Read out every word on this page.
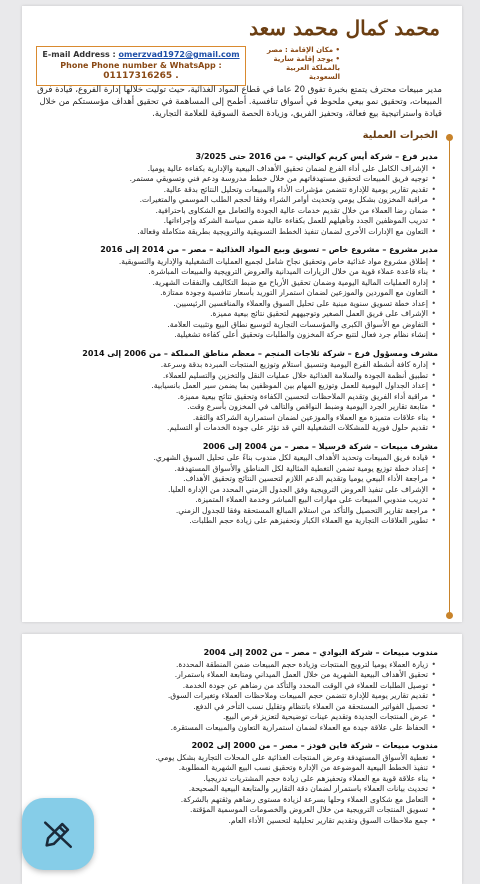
محمد كمال محمد سعد
E-mail Address : omerzvad1972@gmail.com
Phone Phone number & WhatsApp :
01117316265 .
• مكان الإقامة : مصر
• يوجد إقامة سارية
بالمملكة العربية
السعودية
مدير مبيعات محترف يتمتع بخبرة تفوق 20 عاما في قطاع المواد الغذائية، حيث توليت خلالها إدارة الفروع، قيادة فرق المبيعات، وتحقيق نمو بيعي ملحوظ في أسواق تنافسية. أطمح إلى المساهمة في تحقيق أهداف مؤسستكم من خلال قيادة واستراتيجية بيع فعالة، وتحفيز الفريق، وزيادة الحصة السوقية للعلامة التجارية.
الخبرات العملية
مدير فرع – شركة أيس كريم كواليتي – من 2016 حتى 3/2025
• الإشراف الكامل على أداء الفرع لضمان تحقيق الأهداف البيعية والإدارية بكفاءة عالية يوميا.
• توجيه فريق المبيعات لتحقيق مستهدفاتهم من خلال خطط مدروسة ودعم فني وتسويقي مستمر.
• تقديم تقارير يومية للإدارة تتضمن مؤشرات الأداء والمبيعات وتحليل النتائج بدقة عالية.
• مراقبة المخزون بشكل يومي وتحديث أوامر الشراء وفقا لحجم الطلب الموسمي والمتغيرات.
• ضمان رضا العملاء من خلال تقديم خدمات عالية الجودة والتعامل مع الشكاوى باحترافية.
• تدريب الموظفين الجدد وتأهيلهم للعمل بكفاءة عالية ضمن سياسة الشركة وإجراءاتها.
• التعاون مع الإدارات الأخرى لضمان تنفيذ الخطط التسويقية والترويجية بطريقة متكاملة وفعالة.
مدير مشروع – مشروع خاص – تسويق وبيع المواد الغذائية – مصر – من 2014 إلى 2016
• إطلاق مشروع مواد غذائية خاص وتحقيق نجاح شامل لجميع العمليات التشغيلية والإدارية والتسويقية.
• بناء قاعدة عملاء قوية من خلال الزيارات الميدانية والعروض الترويجية والمبيعات المباشرة.
• إدارة العمليات المالية اليومية وضمان تحقيق الأرباح مع ضبط التكاليف والنفقات الشهرية.
• التعاون مع الموردين والموزعين لضمان استمرار التوريد بأسعار تنافسية وجودة ممتازة.
• إعداد خطة تسويق سنوية مبنية على تحليل السوق والعملاء والمنافسين الرئيسيين.
• الإشراف على فريق العمل الصغير وتوجيههم لتحقيق نتائج بيعية مميزة.
• التفاوض مع الأسواق الكبرى والمؤسسات التجارية لتوسيع نطاق البيع وتثبيت العلامة.
• إنشاء نظام جرد فعال لتتبع حركة المخزون والطلبات وتحقيق أعلى كفاءة تشغيلية.
مشرف ومسؤول فرع – شركة ثلاجات المنجم – معظم مناطق المملكة – من 2006 إلى 2014
• إدارة كافة أنشطة الفرع اليومية وتنسيق استلام وتوزيع المنتجات المبردة بدقة وسرعة.
• تطبيق أنظمة الجودة والسلامة الغذائية خلال عمليات النقل والتخزين والتسليم للعملاء.
• إعداد الجداول اليومية للعمل وتوزيع المهام بين الموظفين بما يضمن سير العمل بانسيابية.
• مراقبة أداء الفريق وتقديم الملاحظات لتحسين الكفاءة وتحقيق نتائج بيعية مميزة.
• متابعة تقارير الجرد اليومية وضبط النواقص والتالف في المخزون بأسرع وقت.
• بناء علاقات متميزة مع العملاء والموزعين لضمان استمرارية الشراكة والثقة.
• تقديم حلول فورية للمشكلات التشغيلية التي قد تؤثر على جودة الخدمات أو التسليم.
مشرف مبيعات – شركة قرسيلا – مصر – من 2004 إلى 2006
• قيادة فريق المبيعات وتحديد الأهداف البيعية لكل مندوب بناءً على تحليل السوق الشهري.
• إعداد خطة توزيع يومية تضمن التغطية المثالية لكل المناطق والأسواق المستهدفة.
• مراجعة الأداء البيعي يوميا وتقديم الدعم اللازم لتحسين النتائج وتحقيق الأهداف.
• الإشراف على تنفيذ العروض الترويجية وفق الجدول الزمني المحدد من الإدارة العليا.
• تدريب مندوبي المبيعات على مهارات البيع المباشر وخدمة العملاء المتميزة.
• مراجعة تقارير التحصيل والتأكد من استلام المبالغ المستحقة وفقا للجدول الزمني.
• تطوير العلاقات التجارية مع العملاء الكبار وتحفيزهم على زيادة حجم الطلبات.
مندوب مبيعات – شركة البوادي – مصر – من 2002 إلى 2004
• زيارة العملاء يوميا لترويج المنتجات وزيادة حجم المبيعات ضمن المنطقة المحددة.
• تحقيق الأهداف البيعية الشهرية من خلال العمل الميداني ومتابعة العملاء باستمرار.
• توصيل الطلبات للعملاء في الوقت المحدد والتأكد من رضاهم عن جودة الخدمة.
• تقديم تقارير يومية للإدارة تتضمن حجم المبيعات وملاحظات العملاء وتغيرات السوق.
• تحصيل الفواتير المستحقة من العملاء بانتظام وتقليل نسب التأخر في الدفع.
• عرض المنتجات الجديدة وتقديم عينات توضيحية لتعزيز فرص البيع.
• الحفاظ على علاقة جيدة مع العملاء لضمان استمرارية التعاون والمبيعات المستقرة.
مندوب مبيعات – شركة فاين فودز – مصر – من 2000 إلى 2002
• تغطية الأسواق المستهدفة وعرض المنتجات الغذائية على المحلات التجارية بشكل يومي.
• تنفيذ الخطط البيعية الموضوعة من الإدارة وتحقيق نسب البيع الشهرية المطلوبة.
• بناء علاقة قوية مع العملاء وتحفيزهم على زيادة حجم المشتريات تدريجيا.
• تحديث بيانات العملاء باستمرار لضمان دقة التقارير والمتابعة البيعية الصحيحة.
• التعامل مع شكاوى العملاء وحلها بسرعة لزيادة مستوى رضاهم وثقتهم بالشركة.
• تسويق المنتجات الترويجية من خلال العروض والخصومات الموسمية المؤقتة.
• جمع ملاحظات السوق وتقديم تقارير تحليلية لتحسين الأداء العام.
